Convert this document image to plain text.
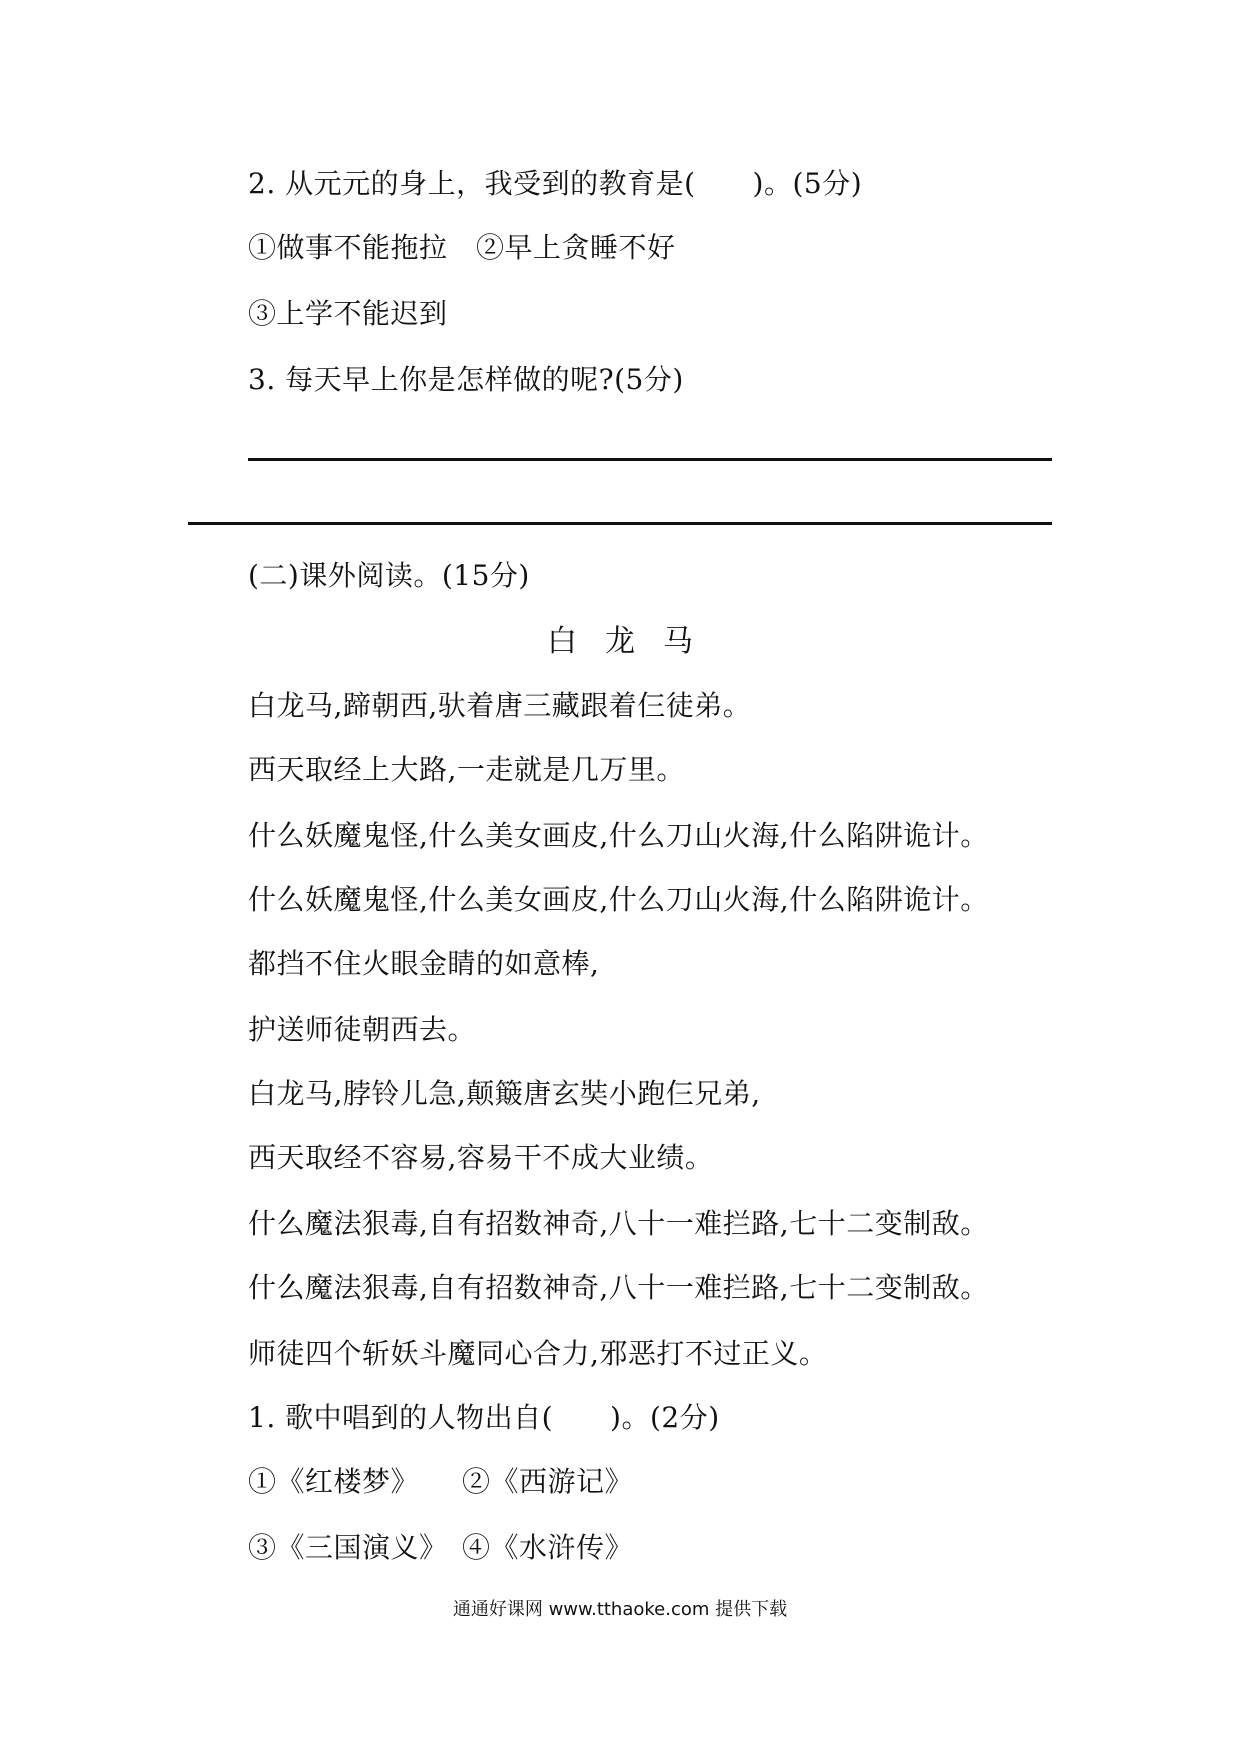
2. 从元元的身上，我受到的教育是(　　)。(5分)
①做事不能拖拉　②早上贪睡不好
③上学不能迟到
3. 每天早上你是怎样做的呢?(5分)
(二)课外阅读。(15分)
白龙马
白龙马,蹄朝西,驮着唐三藏跟着仨徒弟。
西天取经上大路,一走就是几万里。
什么妖魔鬼怪,什么美女画皮,什么刀山火海,什么陷阱诡计。
什么妖魔鬼怪,什么美女画皮,什么刀山火海,什么陷阱诡计。
都挡不住火眼金睛的如意棒,
护送师徒朝西去。
白龙马,脖铃儿急,颠簸唐玄奘小跑仨兄弟,
西天取经不容易,容易干不成大业绩。
什么魔法狠毒,自有招数神奇,八十一难拦路,七十二变制敌。
什么魔法狠毒,自有招数神奇,八十一难拦路,七十二变制敌。
师徒四个斩妖斗魔同心合力,邪恶打不过正义。
1. 歌中唱到的人物出自(　　)。(2分)
①《红楼梦》　　②《西游记》
③《三国演义》　④《水浒传》
通通好课网 www.tthaoke.com 提供下载
